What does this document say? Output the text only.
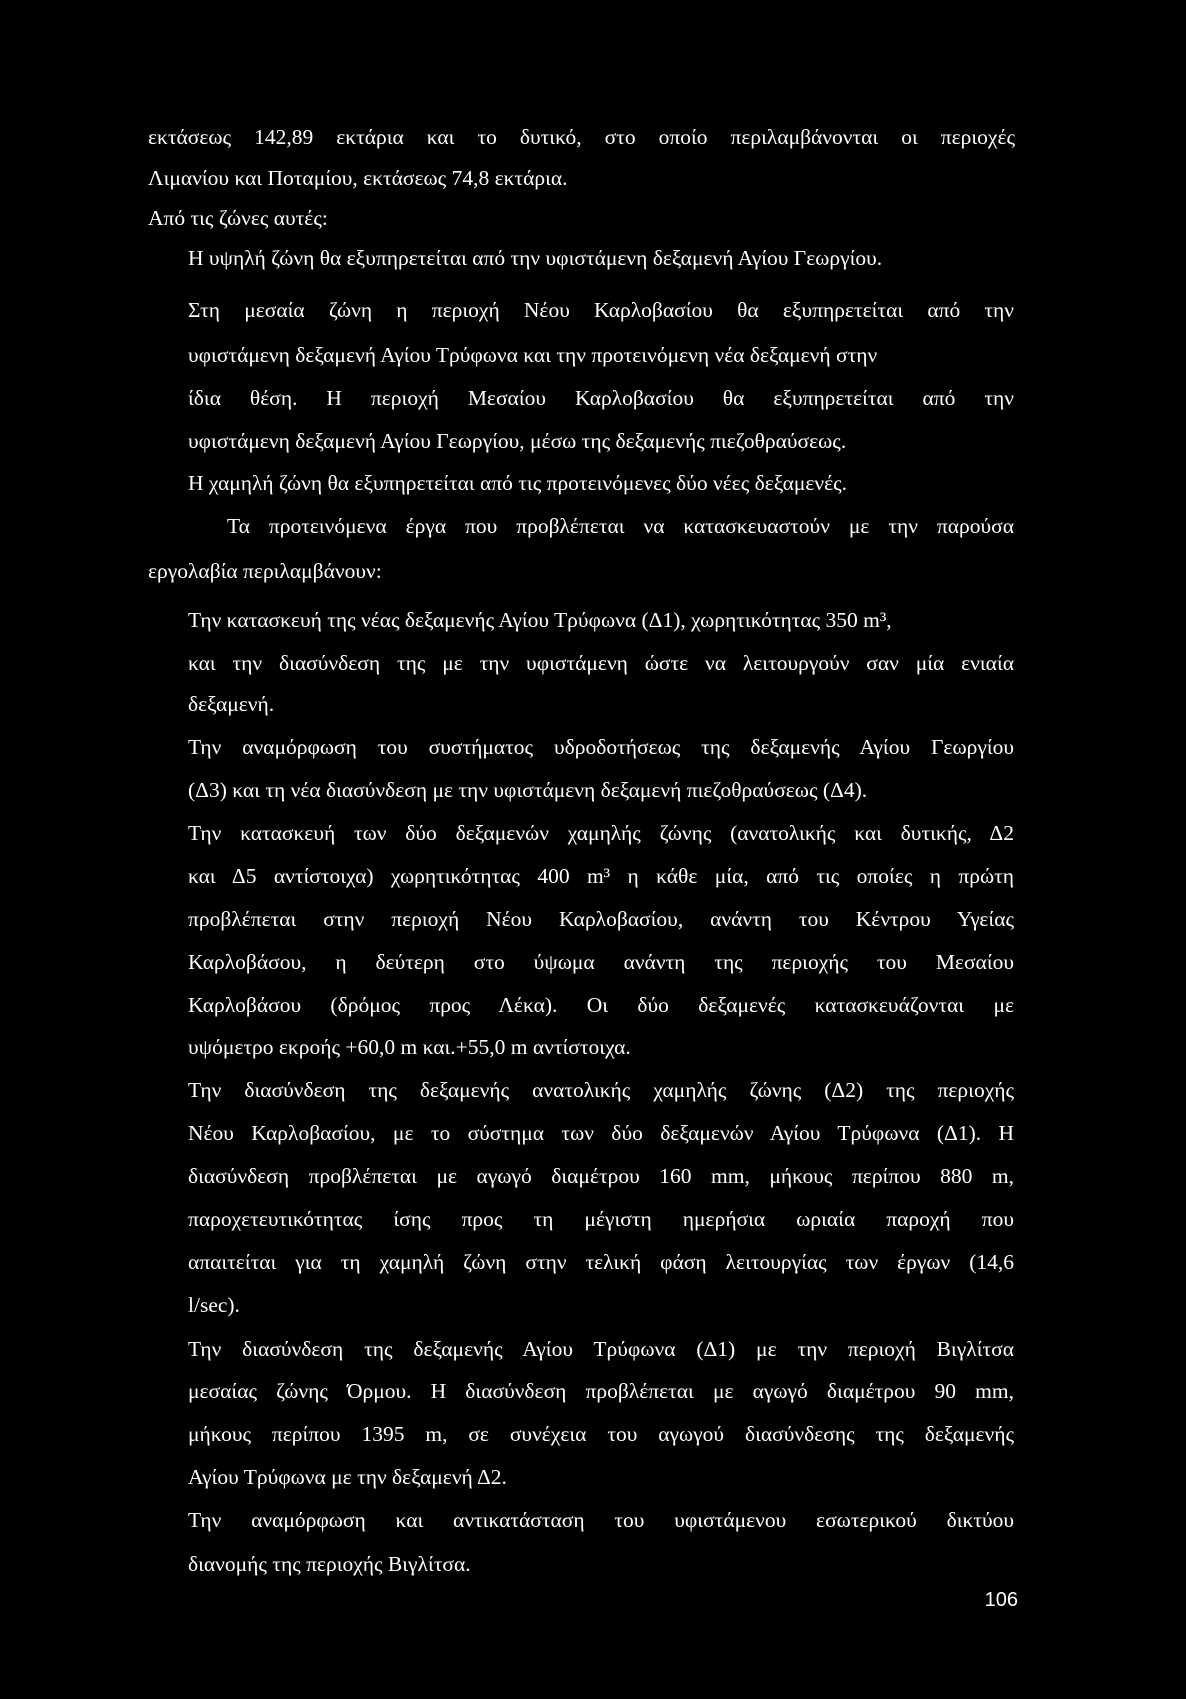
εκτάσεως 142,89 εκτάρια και το δυτικό, στο οποίο περιλαμβάνονται οι περιοχές
Λιμανίου και Ποταμίου, εκτάσεως 74,8 εκτάρια.
Από τις ζώνες αυτές:
Η υψηλή ζώνη θα εξυπηρετείται από την υφιστάμενη δεξαμενή Αγίου Γεωργίου.
Στη μεσαία ζώνη η περιοχή Νέου Καρλοβασίου θα εξυπηρετείται από την
υφιστάμενη δεξαμενή Αγίου Τρύφωνα και την προτεινόμενη νέα δεξαμενή στην
ίδια θέση. Η περιοχή Μεσαίου Καρλοβασίου θα εξυπηρετείται από την
υφιστάμενη δεξαμενή Αγίου Γεωργίου, μέσω της δεξαμενής πιεζοθραύσεως.
Η χαμηλή ζώνη θα εξυπηρετείται από τις προτεινόμενες δύο νέες δεξαμενές.
Τα προτεινόμενα έργα που προβλέπεται να κατασκευαστούν με την παρούσα
εργολαβία περιλαμβάνουν:
Την κατασκευή της νέας δεξαμενής Αγίου Τρύφωνα (Δ1), χωρητικότητας 350 m³,
και την διασύνδεση της με την υφιστάμενη ώστε να λειτουργούν σαν μία ενιαία
δεξαμενή.
Την αναμόρφωση του συστήματος υδροδοτήσεως της δεξαμενής Αγίου Γεωργίου
(Δ3) και τη νέα διασύνδεση με την υφιστάμενη δεξαμενή πιεζοθραύσεως (Δ4).
Την κατασκευή των δύο δεξαμενών χαμηλής ζώνης (ανατολικής και δυτικής, Δ2
και Δ5 αντίστοιχα) χωρητικότητας 400 m³ η κάθε μία, από τις οποίες η πρώτη
προβλέπεται στην περιοχή Νέου Καρλοβασίου, ανάντη του Κέντρου Υγείας
Καρλοβάσου, η δεύτερη στο ύψωμα ανάντη της περιοχής του Μεσαίου
Καρλοβάσου (δρόμος προς Λέκα). Οι δύο δεξαμενές κατασκευάζονται με
υψόμετρο εκροής +60,0 m και.+55,0 m αντίστοιχα.
Την διασύνδεση της δεξαμενής ανατολικής χαμηλής ζώνης (Δ2) της περιοχής
Νέου Καρλοβασίου, με το σύστημα των δύο δεξαμενών Αγίου Τρύφωνα (Δ1). Η
διασύνδεση προβλέπεται με αγωγό διαμέτρου 160 mm, μήκους περίπου 880 m,
παροχετευτικότητας ίσης προς τη μέγιστη ημερήσια ωριαία παροχή που
απαιτείται για τη χαμηλή ζώνη στην τελική φάση λειτουργίας των έργων (14,6
l/sec).
Την διασύνδεση της δεξαμενής Αγίου Τρύφωνα (Δ1) με την περιοχή Βιγλίτσα
μεσαίας ζώνης Όρμου. Η διασύνδεση προβλέπεται με αγωγό διαμέτρου 90 mm,
μήκους περίπου 1395 m, σε συνέχεια του αγωγού διασύνδεσης της δεξαμενής
Αγίου Τρύφωνα με την δεξαμενή Δ2.
Την αναμόρφωση και αντικατάσταση του υφιστάμενου εσωτερικού δικτύου
διανομής της περιοχής Βιγλίτσα.
106
